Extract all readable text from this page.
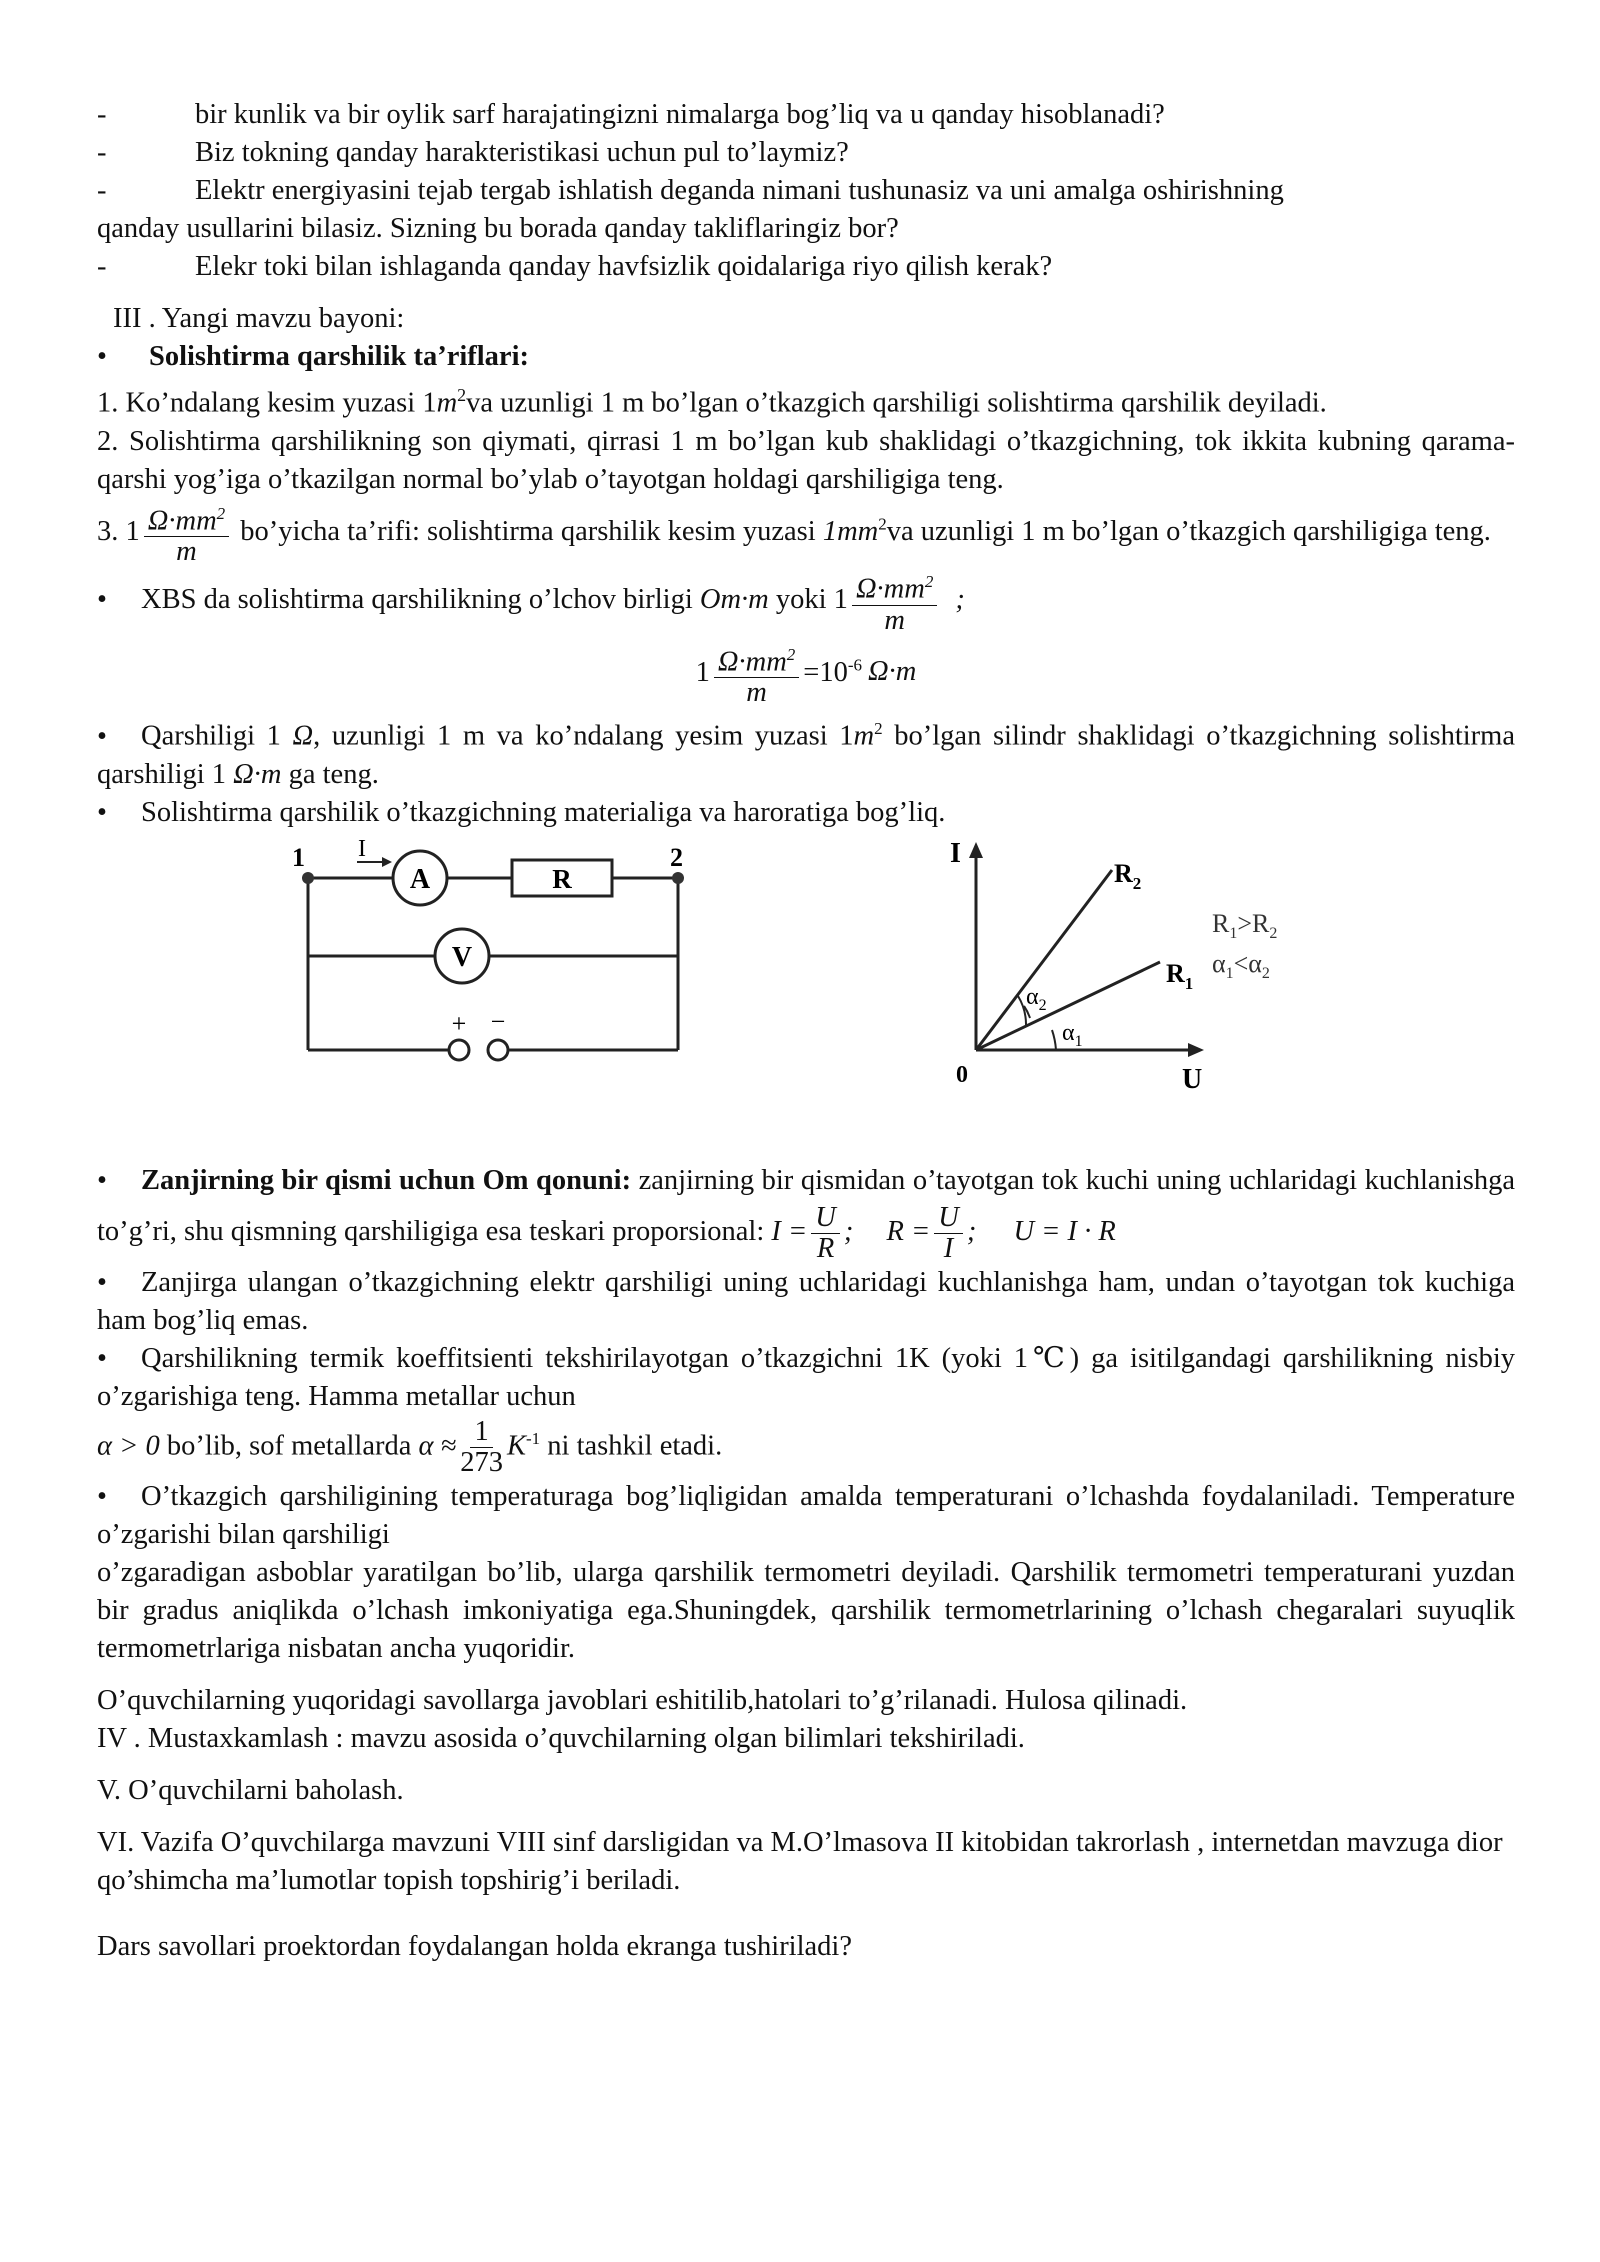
-	bir kunlik va bir oylik sarf harajatingizni nimalarga bog’liq va u qanday hisoblanadi?
-	Biz tokning qanday harakteristikasi uchun pul to’laymiz?
-	Elektr energiyasini tejab tergab ishlatish deganda nimani tushunasiz va uni amalga oshirishning
qanday usullarini bilasiz. Sizning bu borada qanday takliflaringiz bor?
-	Elekr toki bilan ishlaganda qanday havfsizlik qoidalariga riyo qilish kerak?
III . Yangi mavzu bayoni:
• Solishtirma qarshilik ta’riflari:
1. Ko’ndalang kesim yuzasi $1m^2va$ uzunligi 1 m bo’lgan o’tkazgich qarshiligi solishtirma qarshilik deyiladi.
2. Solishtirma qarshilikning son qiymati, qirrasi 1 m bo’lgan kub shaklidagi o’tkazgichning, tok ikkita kubning qarama-qarshi yog’iga o’tkazilgan normal bo’ylab o’tayotgan holdagi qarshiligiga teng.
3. $1 \frac{\Omega\cdot mm^2}{m}$ bo’yicha ta’rifi: solishtirma qarshilik kesim yuzasi $1mm^2va$ uzunligi 1 m bo’lgan o’tkazgich qarshiligiga teng.
• XBS da solishtirma qarshilikning o’lchov birligi Om·m yoki $1 \frac{\Omega\cdot mm^2}{m}$ ;
$1 \frac{\Omega\cdot mm^2}{m} =10^{-6}$ Ω·m
• Qarshiligi 1 Ω, uzunligi 1 m va ko’ndalang yesim yuzasi $1m^2$ bo’lgan silindr shaklidagi o’tkazgichning solishtirma qarshiligi 1 Ω·m ga teng.
• Solishtirma qarshilik o’tkazgichning materialiga va haroratiga bog’liq.
1	2
I
A	R
V
+ −
I
U
0
$R_2$
$R_1$
$\alpha_2$
$\alpha_1$
$R_1>R_2$
$\alpha_1<\alpha_2$
• Zanjirning bir qismi uchun Om qonuni: zanjirning bir qismidan o’tayotgan tok kuchi uning uchlaridagi kuchlanishga to’g’ri, shu qismning qarshiligiga esa teskari proporsional: $I = \frac{U}{R}$ ; $R = \frac{U}{I}$ ; U = I · R
• Zanjirga ulangan o’tkazgichning elektr qarshiligi uning uchlaridagi kuchlanishga ham, undan o’tayotgan tok kuchiga ham bog’liq emas.
• Qarshilikning termik koeffitsienti tekshirilayotgan o’tkazgichni 1K (yoki 1℃) ga isitilgandagi qarshilikning nisbiy o’zgarishiga teng. Hamma metallar uchun
α > 0 bo’lib, sof metallarda $\alpha \approx \frac{1}{273} K^{-1}$ ni tashkil etadi.
• O’tkazgich qarshiligining temperaturaga bog’liqligidan amalda temperaturani o’lchashda foydalaniladi. Temperature o’zgarishi bilan qarshiligi
o’zgaradigan asboblar yaratilgan bo’lib, ularga qarshilik termometri deyiladi. Qarshilik termometri temperaturani yuzdan bir gradus aniqlikda o’lchash imkoniyatiga ega.Shuningdek, qarshilik termometrlarining o’lchash chegaralari suyuqlik termometrlariga nisbatan ancha yuqoridir.
O’quvchilarning yuqoridagi savollarga javoblari eshitilib,hatolari to’g’rilanadi. Hulosa qilinadi.
IV . Mustaxkamlash : mavzu asosida o’quvchilarning olgan bilimlari tekshiriladi.
V. O’quvchilarni baholash.
VI. Vazifa O’quvchilarga mavzuni VIII sinf darsligidan va M.O’lmasova II kitobidan takrorlash , internetdan mavzuga dior qo’shimcha ma’lumotlar topish topshirig’i beriladi.
Dars savollari proektordan foydalangan holda ekranga tushiriladi?
